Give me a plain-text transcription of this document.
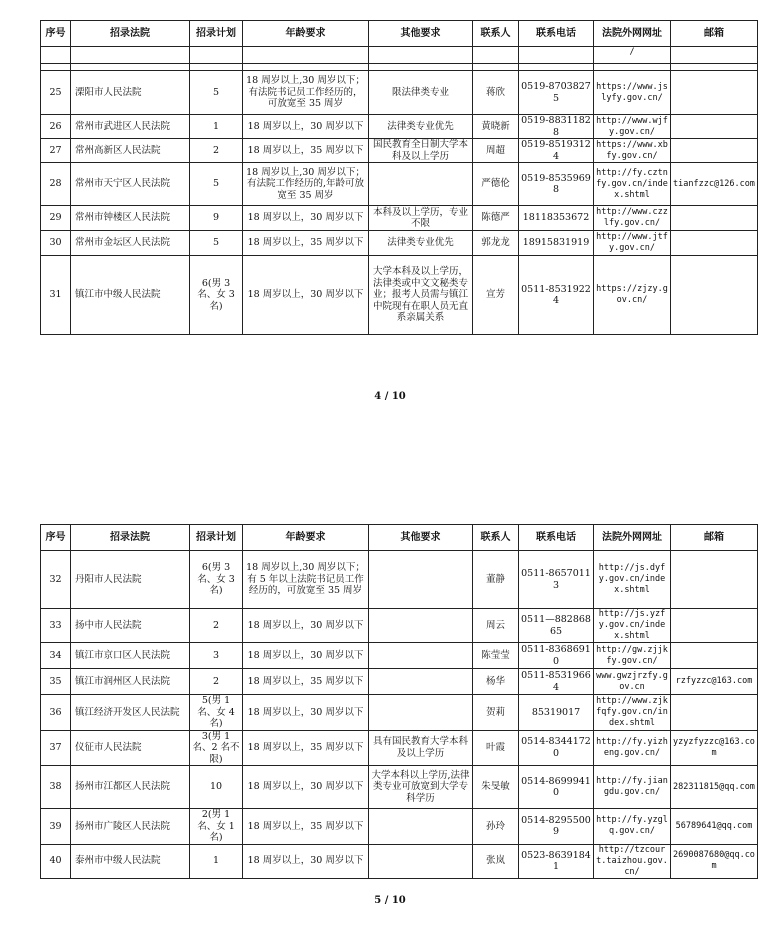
序号	招录法院	招录计划	年龄要求	其他要求	联系人	联系电话	法院外网网址	邮箱
							/	

25	溧阳市人民法院	5	18 周岁以上,30 周岁以下；有法院书记员工作经历的，可放宽至 35 周岁	限法律类专业	蒋欣	0519-87038275	https://www.jslyfy.gov.cn/	
26	常州市武进区人民法院	1	18 周岁以上，30 周岁以下	法律类专业优先	黄晓新	0519-88311828	http://www.wjfy.gov.cn/	
27	常州高新区人民法院	2	18 周岁以上，35 周岁以下	国民教育全日制大学本科及以上学历	周超	0519-85193124	https://www.xbfy.gov.cn/	
28	常州市天宁区人民法院	5	18 周岁以上,30 周岁以下；有法院工作经历的,年龄可放宽至 35 周岁		严德伦	0519-85359698	http://fy.cztnfy.gov.cn/index.shtml	tianfzzc@126.com
29	常州市钟楼区人民法院	9	18 周岁以上，30 周岁以下	本科及以上学历，专业不限	陈德严	18118353672	http://www.czzlfy.gov.cn/	
30	常州市金坛区人民法院	5	18 周岁以上，35 周岁以下	法律类专业优先	郭龙龙	18915831919	http://www.jtfy.gov.cn/	
31	镇江市中级人民法院	6(男 3 名、女 3 名)	18 周岁以上，30 周岁以下	大学本科及以上学历，法律类或中文文秘类专业；报考人员需与镇江中院现有在职人员无直系亲属关系	宣芳	0511-85319224	https://zjzy.gov.cn/	
4 / 10
序号	招录法院	招录计划	年龄要求	其他要求	联系人	联系电话	法院外网网址	邮箱
32	丹阳市人民法院	6(男 3 名、女 3 名)	18 周岁以上,30 周岁以下；有 5 年以上法院书记员工作经历的，可放宽至 35 周岁		董静	0511-86570113	http://js.dyfy.gov.cn/index.shtml	
33	扬中市人民法院	2	18 周岁以上，30 周岁以下		周云	0511—88286865	http://js.yzfy.gov.cn/index.shtml	
34	镇江市京口区人民法院	3	18 周岁以上，30 周岁以下		陈莹莹	0511-83686910	http://gw.zjjkfy.gov.cn/	
35	镇江市润州区人民法院	2	18 周岁以上，35 周岁以下		杨华	0511-85319664	www.gwzjrzfy.gov.cn	rzfyzzc@163.com
36	镇江经济开发区人民法院	5(男 1 名、女 4 名)	18 周岁以上，30 周岁以下		贺莉	85319017	http://www.zjkfqfy.gov.cn/index.shtml	
37	仪征市人民法院	3(男 1 名、2 名不限)	18 周岁以上，35 周岁以下	具有国民教育大学本科及以上学历	叶霞	0514-83441720	http://fy.yizheng.gov.cn/	yzyzfyzzc@163.com
38	扬州市江都区人民法院	10	18 周岁以上，30 周岁以下	大学本科以上学历,法律类专业可放宽到大学专科学历	朱旻敏	0514-86999410	http://fy.jiangdu.gov.cn/	282311815@qq.com
39	扬州市广陵区人民法院	2(男 1 名、女 1 名)	18 周岁以上，35 周岁以下		孙玲	0514-82955009	http://fy.yzglq.gov.cn/	56789641@qq.com
40	泰州市中级人民法院	1	18 周岁以上，30 周岁以下		张岚	0523-86391841	http://tzcourt.taizhou.gov.cn/	2690087680@qq.com
5 / 10
